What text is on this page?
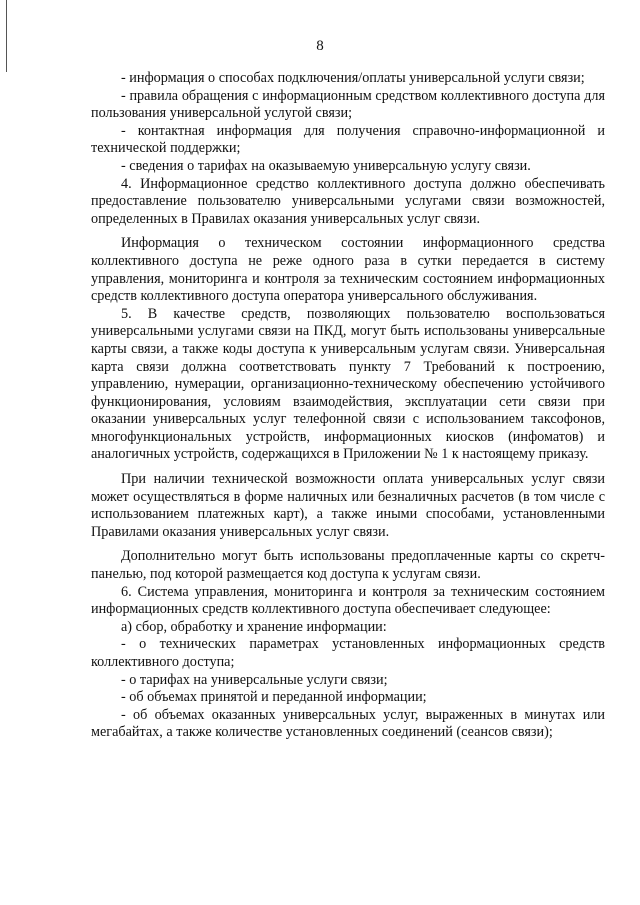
8

- информация о способах подключения/оплаты универсальной услуги связи;

- правила обращения с информационным средством коллективного доступа для пользования универсальной услугой связи;

- контактная информация для получения справочно-информационной и технической поддержки;

- сведения о тарифах на оказываемую универсальную услугу связи.

4. Информационное средство коллективного доступа должно обеспечивать предоставление пользователю универсальными услугами связи возможностей, определенных в Правилах оказания универсальных услуг связи.

Информация о техническом состоянии информационного средства коллективного доступа не реже одного раза в сутки передается в систему управления, мониторинга и контроля за техническим состоянием информационных средств коллективного доступа оператора универсального обслуживания.

5. В качестве средств, позволяющих пользователю воспользоваться универсальными услугами связи на ПКД, могут быть использованы универсальные карты связи, а также коды доступа к универсальным услугам связи. Универсальная карта связи должна соответствовать пункту 7 Требований к построению, управлению, нумерации, организационно-техническому обеспечению устойчивого функционирования, условиям взаимодействия, эксплуатации сети связи при оказании универсальных услуг телефонной связи с использованием таксофонов, многофункциональных устройств, информационных киосков (инфоматов) и аналогичных устройств, содержащихся в Приложении № 1 к настоящему приказу.

При наличии технической возможности оплата универсальных услуг связи может осуществляться в форме наличных или безналичных расчетов (в том числе с использованием платежных карт), а также иными способами, установленными Правилами оказания универсальных услуг связи.

Дополнительно могут быть использованы предоплаченные карты со скретч-панелью, под которой размещается код доступа к услугам связи.

6. Система управления, мониторинга и контроля за техническим состоянием информационных средств коллективного доступа обеспечивает следующее:

а) сбор, обработку и хранение информации:

- о технических параметрах установленных информационных средств коллективного доступа;

- о тарифах на универсальные услуги связи;

- об объемах принятой и переданной информации;

- об объемах оказанных универсальных услуг, выраженных в минутах или мегабайтах, а также количестве установленных соединений (сеансов связи);
